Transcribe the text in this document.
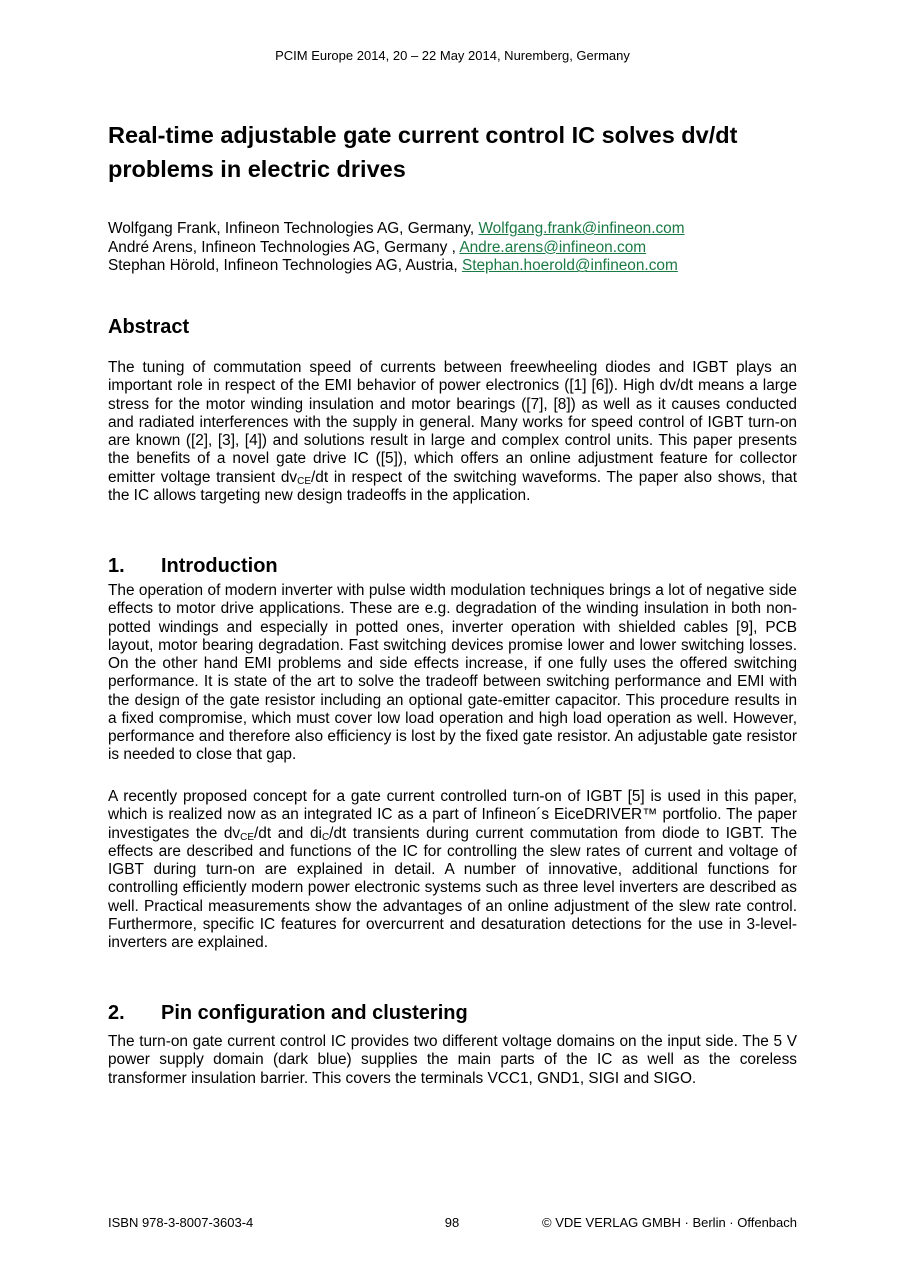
PCIM Europe 2014, 20 – 22 May 2014, Nuremberg, Germany
Real-time adjustable gate current control IC solves dv/dt
problems in electric drives
Wolfgang Frank, Infineon Technologies AG, Germany, Wolfgang.frank@infineon.com
André Arens, Infineon Technologies AG, Germany , Andre.arens@infineon.com
Stephan Hörold, Infineon Technologies AG, Austria, Stephan.hoerold@infineon.com
Abstract

The tuning of commutation speed of currents between freewheeling diodes and IGBT plays an important role in respect of the EMI behavior of power electronics ([1] [6]). High dv/dt means a large stress for the motor winding insulation and motor bearings ([7], [8]) as well as it causes conducted and radiated interferences with the supply in general. Many works for speed control of IGBT turn-on are known ([2], [3], [4]) and solutions result in large and complex control units. This paper presents the benefits of a novel gate drive IC ([5]), which offers an online adjustment feature for collector emitter voltage transient $dv_{CE}/dt$ in respect of the switching waveforms. The paper also shows, that the IC allows targeting new design tradeoffs in the application.

1. Introduction

The operation of modern inverter with pulse width modulation techniques brings a lot of negative side effects to motor drive applications. These are e.g. degradation of the winding insulation in both non-potted windings and especially in potted ones, inverter operation with shielded cables [9], PCB layout, motor bearing degradation. Fast switching devices promise lower and lower switching losses. On the other hand EMI problems and side effects increase, if one fully uses the offered switching performance. It is state of the art to solve the tradeoff between switching performance and EMI with the design of the gate resistor including an optional gate-emitter capacitor. This procedure results in a fixed compromise, which must cover low load operation and high load operation as well. However, performance and therefore also efficiency is lost by the fixed gate resistor. An adjustable gate resistor is needed to close that gap.

A recently proposed concept for a gate current controlled turn-on of IGBT [5] is used in this paper, which is realized now as an integrated IC as a part of Infineon´s EiceDRIVER™ portfolio. The paper investigates the $dv_{CE}/dt$ and $di_C/dt$ transients during current commutation from diode to IGBT. The effects are described and functions of the IC for controlling the slew rates of current and voltage of IGBT during turn-on are explained in detail. A number of innovative, additional functions for controlling efficiently modern power electronic systems such as three level inverters are described as well. Practical measurements show the advantages of an online adjustment of the slew rate control. Furthermore, specific IC features for overcurrent and desaturation detections for the use in 3-level-inverters are explained.

2. Pin configuration and clustering

The turn-on gate current control IC provides two different voltage domains on the input side. The 5 V power supply domain (dark blue) supplies the main parts of the IC as well as the coreless transformer insulation barrier. This covers the terminals VCC1, GND1, SIGI and SIGO.

ISBN 978-3-8007-3603-4	98	© VDE VERLAG GMBH · Berlin · Offenbach
